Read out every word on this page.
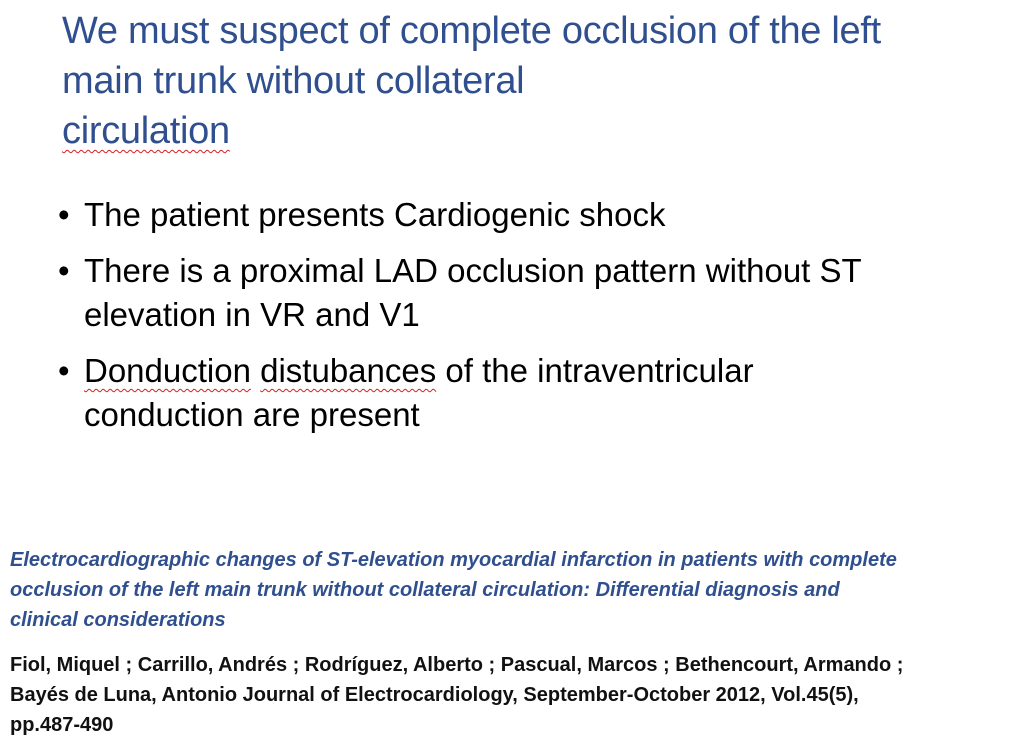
We must suspect of complete occlusion of the left
main trunk without collateral
circulation
• The patient presents Cardiogenic shock
• There is a proximal LAD occlusion pattern without ST
elevation in VR and V1
• Donduction distubances of the intraventricular
conduction are present
Electrocardiographic changes of ST-elevation myocardial infarction in patients with complete
occlusion of the left main trunk without collateral circulation: Differential diagnosis and
clinical considerations
Fiol, Miquel ; Carrillo, Andrés ; Rodríguez, Alberto ; Pascual, Marcos ; Bethencourt, Armando ;
Bayés de Luna, Antonio Journal of Electrocardiology, September-October 2012, Vol.45(5),
pp.487-490
